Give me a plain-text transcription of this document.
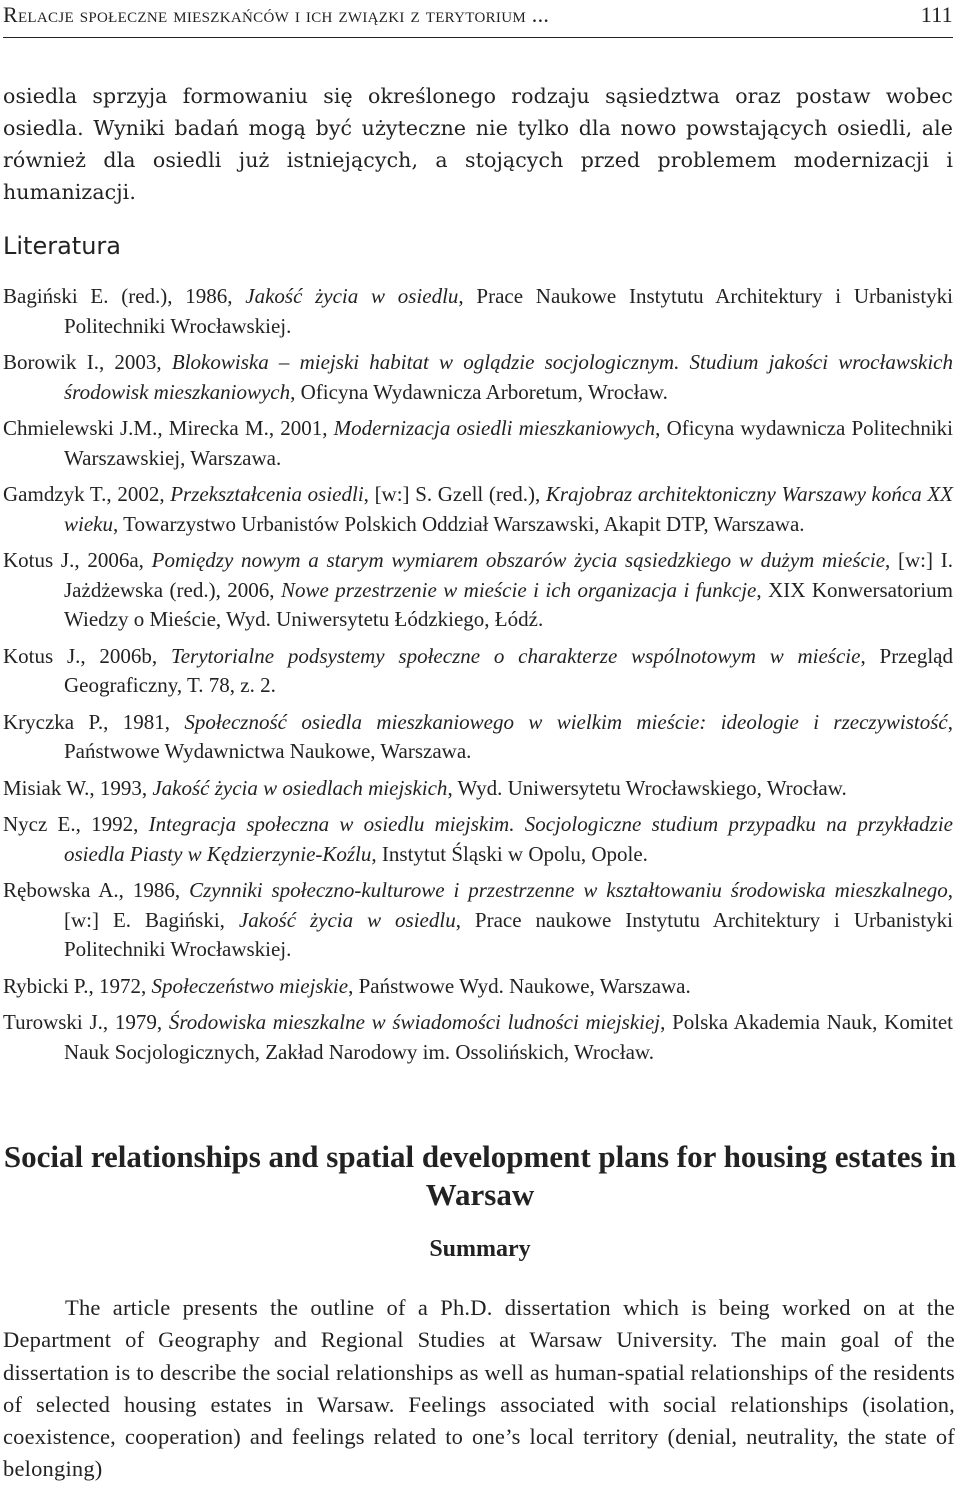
Relacje społeczne mieszkańców i ich związki z terytorium ...	111

osiedla sprzyja formowaniu się określonego rodzaju sąsiedztwa oraz postaw wobec osiedla. Wyniki badań mogą być użyteczne nie tylko dla nowo powstających osiedli, ale również dla osiedli już istniejących, a stojących przed problemem modernizacji i humanizacji.

Literatura
Bagiński E. (red.), 1986, Jakość życia w osiedlu, Prace Naukowe Instytutu Architektury i Urbanistyki Politechniki Wrocławskiej.
Borowik I., 2003, Blokowiska – miejski habitat w oglądzie socjologicznym. Studium jakości wrocławskich środowisk mieszkaniowych, Oficyna Wydawnicza Arboretum, Wrocław.
Chmielewski J.M., Mirecka M., 2001, Modernizacja osiedli mieszkaniowych, Oficyna wydawnicza Politechniki Warszawskiej, Warszawa.
Gamdzyk T., 2002, Przekształcenia osiedli, [w:] S. Gzell (red.), Krajobraz architektoniczny Warszawy końca XX wieku, Towarzystwo Urbanistów Polskich Oddział Warszawski, Akapit DTP, Warszawa.
Kotus J., 2006a, Pomiędzy nowym a starym wymiarem obszarów życia sąsiedzkiego w dużym mieście, [w:] I. Jażdżewska (red.), 2006, Nowe przestrzenie w mieście i ich organizacja i funkcje, XIX Konwersatorium Wiedzy o Mieście, Wyd. Uniwersytetu Łódzkiego, Łódź.
Kotus J., 2006b, Terytorialne podsystemy społeczne o charakterze wspólnotowym w mieście, Przegląd Geograficzny, T. 78, z. 2.
Kryczka P., 1981, Społeczność osiedla mieszkaniowego w wielkim mieście: ideologie i rzeczywistość, Państwowe Wydawnictwa Naukowe, Warszawa.
Misiak W., 1993, Jakość życia w osiedlach miejskich, Wyd. Uniwersytetu Wrocławskiego, Wrocław.
Nycz E., 1992, Integracja społeczna w osiedlu miejskim. Socjologiczne studium przypadku na przykładzie osiedla Piasty w Kędzierzynie-Koźlu, Instytut Śląski w Opolu, Opole.
Rębowska A., 1986, Czynniki społeczno-kulturowe i przestrzenne w kształtowaniu środowiska mieszkalnego, [w:] E. Bagiński, Jakość życia w osiedlu, Prace naukowe Instytutu Architektury i Urbanistyki Politechniki Wrocławskiej.
Rybicki P., 1972, Społeczeństwo miejskie, Państwowe Wyd. Naukowe, Warszawa.
Turowski J., 1979, Środowiska mieszkalne w świadomości ludności miejskiej, Polska Akademia Nauk, Komitet Nauk Socjologicznych, Zakład Narodowy im. Ossolińskich, Wrocław.
Social relationships and spatial development plans for housing estates in Warsaw
Summary

The article presents the outline of a Ph.D. dissertation which is being worked on at the Department of Geography and Regional Studies at Warsaw University. The main goal of the dissertation is to describe the social relationships as well as human-spatial relationships of the residents of selected housing estates in Warsaw. Feelings associated with social relationships (isolation, coexistence, cooperation) and feelings related to one’s local territory (denial, neutrality, the state of belonging)
